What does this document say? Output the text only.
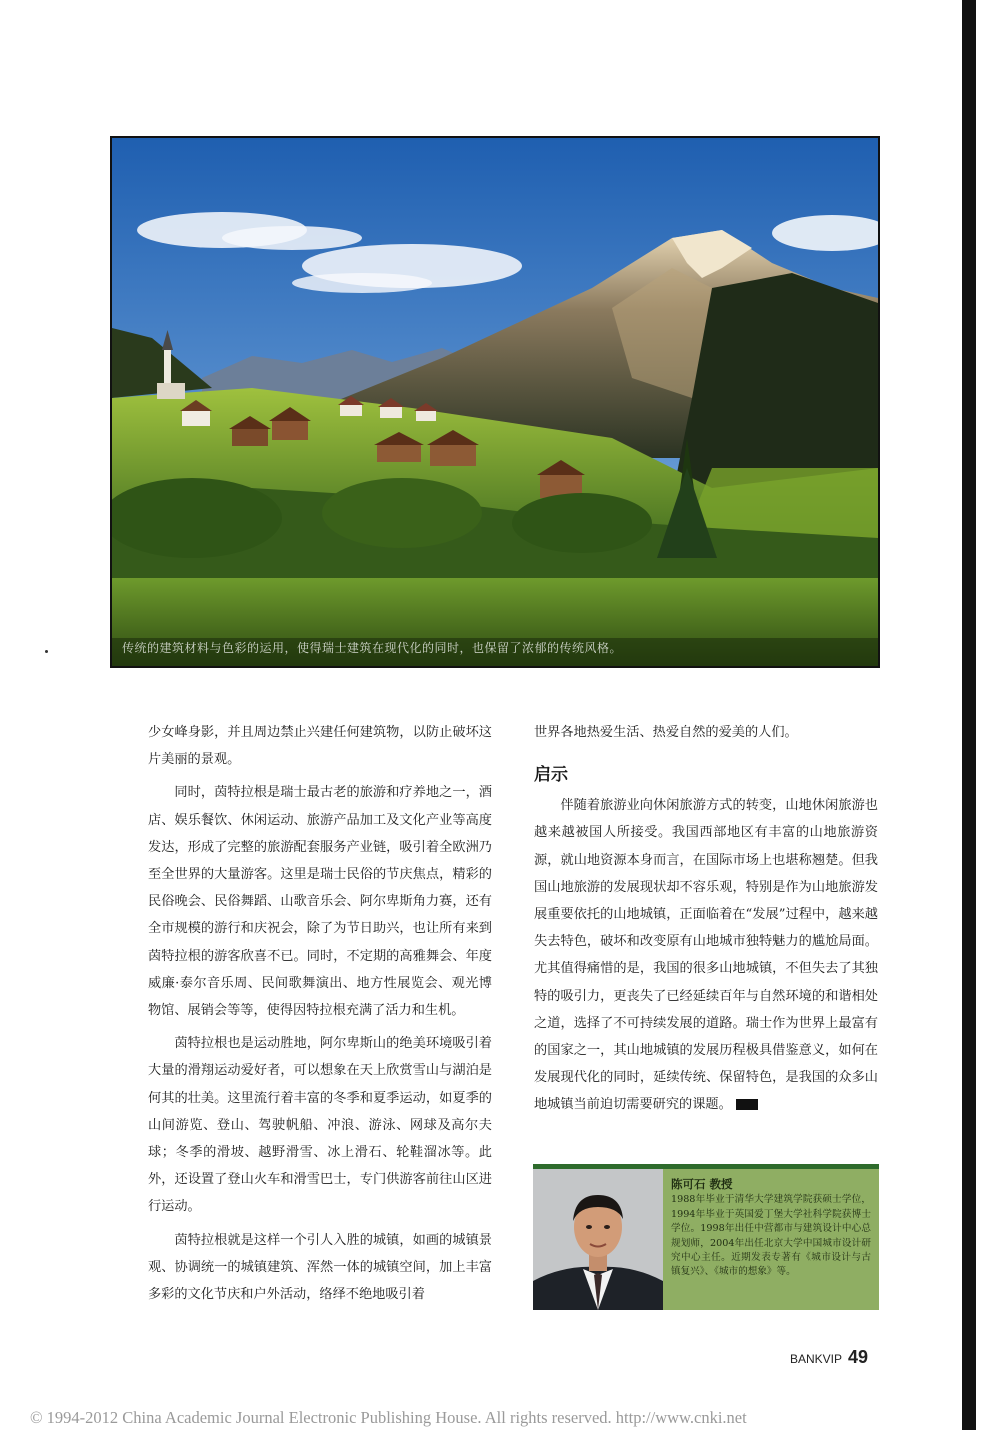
传统的建筑材料与色彩的运用，使得瑞士建筑在现代化的同时，也保留了浓郁的传统风格。

少女峰身影，并且周边禁止兴建任何建筑物，以防止破坏这片美丽的景观。

同时，茵特拉根是瑞士最古老的旅游和疗养地之一，酒店、娱乐餐饮、休闲运动、旅游产品加工及文化产业等高度发达，形成了完整的旅游配套服务产业链，吸引着全欧洲乃至全世界的大量游客。这里是瑞士民俗的节庆焦点，精彩的民俗晚会、民俗舞蹈、山歌音乐会、阿尔卑斯角力赛，还有全市规模的游行和庆祝会，除了为节日助兴，也让所有来到茵特拉根的游客欣喜不已。同时，不定期的高雅舞会、年度威廉·泰尔音乐周、民间歌舞演出、地方性展览会、观光博物馆、展销会等等，使得因特拉根充满了活力和生机。

茵特拉根也是运动胜地，阿尔卑斯山的绝美环境吸引着大量的滑翔运动爱好者，可以想象在天上欣赏雪山与湖泊是何其的壮美。这里流行着丰富的冬季和夏季运动，如夏季的山间游览、登山、驾驶帆船、冲浪、游泳、网球及高尔夫球；冬季的滑坡、越野滑雪、冰上滑石、轮鞋溜冰等。此外，还设置了登山火车和滑雪巴士，专门供游客前往山区进行运动。

茵特拉根就是这样一个引人入胜的城镇，如画的城镇景观、协调统一的城镇建筑、浑然一体的城镇空间，加上丰富多彩的文化节庆和户外活动，络绎不绝地吸引着

世界各地热爱生活、热爱自然的爱美的人们。

启示

伴随着旅游业向休闲旅游方式的转变，山地休闲旅游也越来越被国人所接受。我国西部地区有丰富的山地旅游资源，就山地资源本身而言，在国际市场上也堪称翘楚。但我国山地旅游的发展现状却不容乐观，特别是作为山地旅游发展重要依托的山地城镇，正面临着在“发展”过程中，越来越失去特色，破坏和改变原有山地城市独特魅力的尴尬局面。尤其值得痛惜的是，我国的很多山地城镇，不但失去了其独特的吸引力，更丧失了已经延续百年与自然环境的和谐相处之道，选择了不可持续发展的道路。瑞士作为世界上最富有的国家之一，其山地城镇的发展历程极具借鉴意义，如何在发展现代化的同时，延续传统、保留特色，是我国的众多山地城镇当前迫切需要研究的课题。

陈可石 教授
1988年毕业于清华大学建筑学院获硕士学位，1994年毕业于英国爱丁堡大学社科学院获博士学位。1998年出任中营都市与建筑设计中心总规划师，2004年出任北京大学中国城市设计研究中心主任。近期发表专著有《城市设计与古镇复兴》、《城市的想象》等。
BANKVIP 49
© 1994-2012 China Academic Journal Electronic Publishing House. All rights reserved. http://www.cnki.net
